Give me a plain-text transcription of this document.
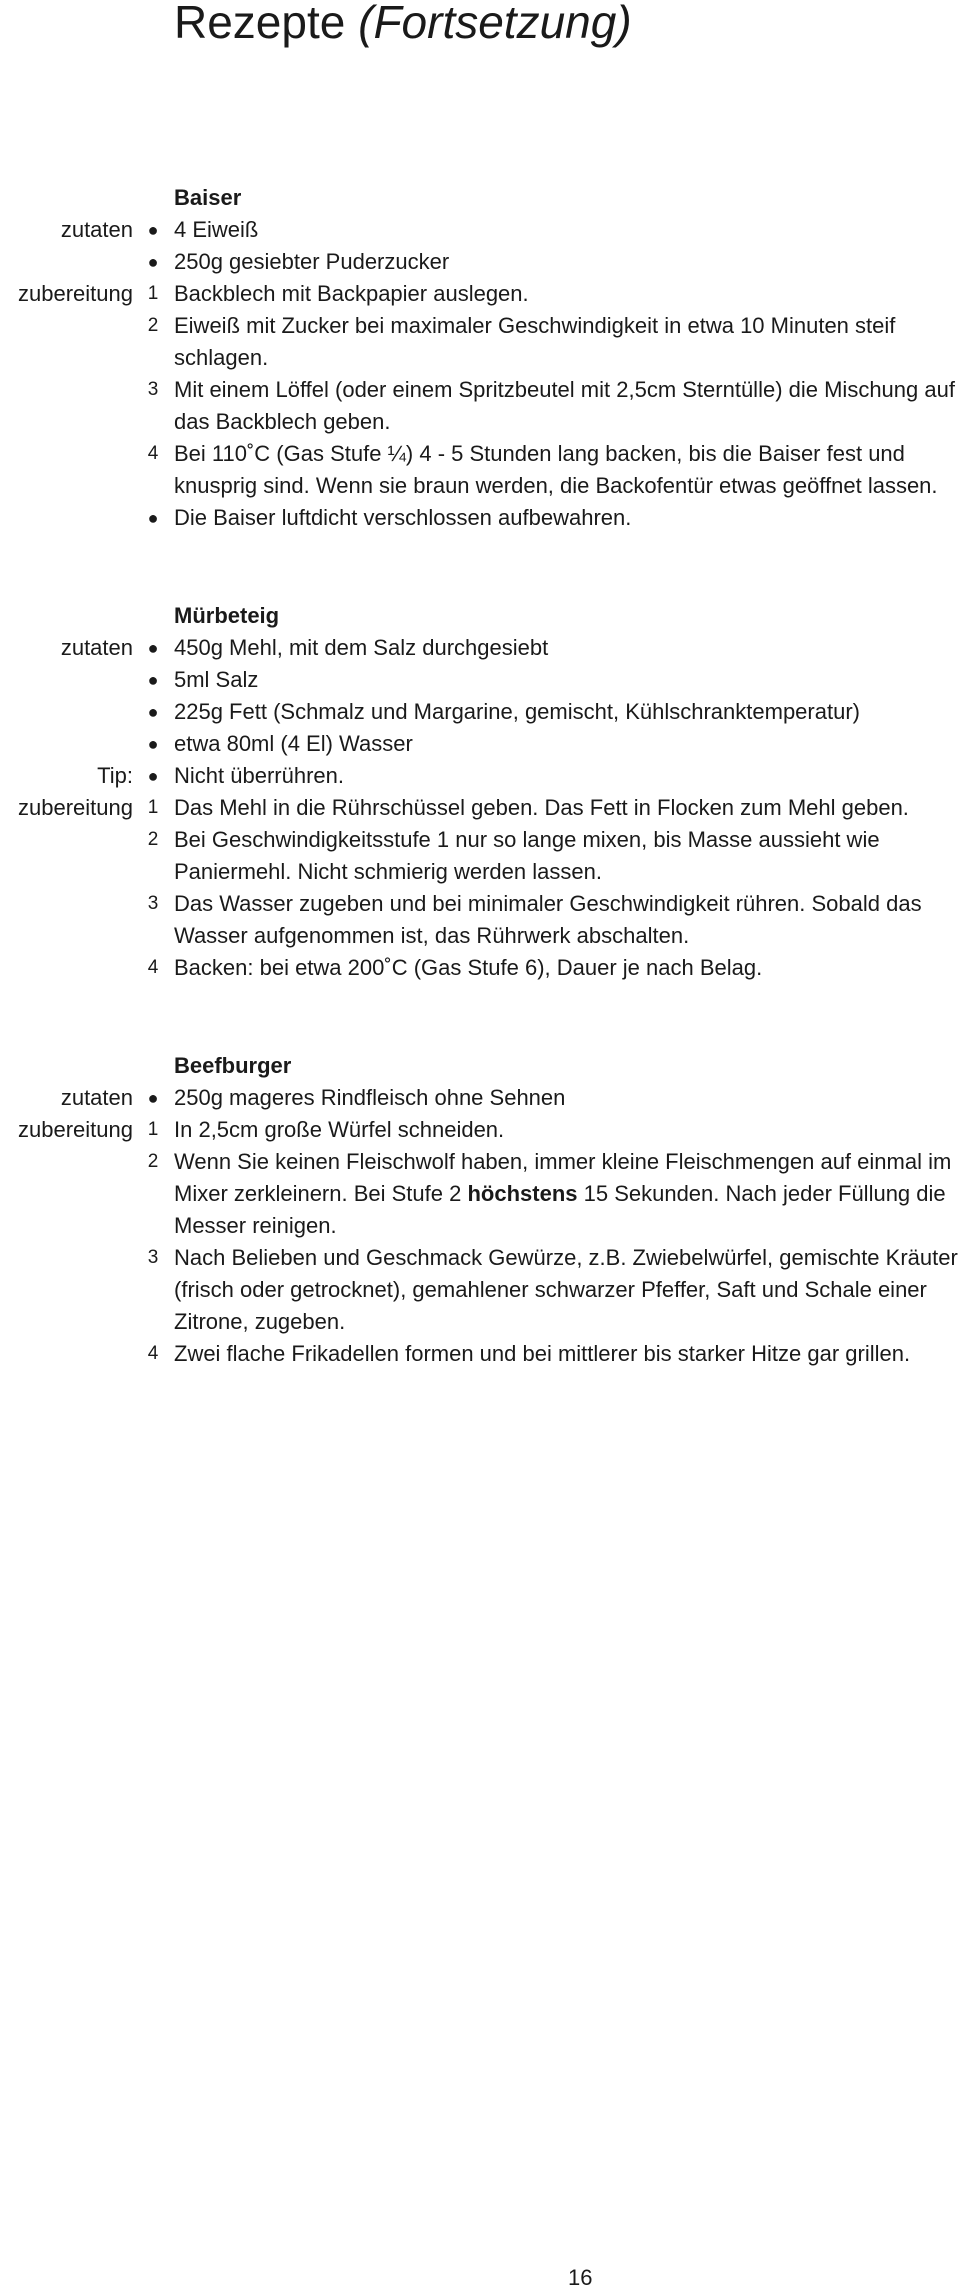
Rezepte (Fortsetzung)
Baiser
zutaten ● 4 Eiweiß
● 250g gesiebter Puderzucker
zubereitung 1 Backblech mit Backpapier auslegen.
2 Eiweiß mit Zucker bei maximaler Geschwindigkeit in etwa 10 Minuten steif schlagen.
3 Mit einem Löffel (oder einem Spritzbeutel mit 2,5cm Sterntülle) die Mischung auf das Backblech geben.
4 Bei 110˚C (Gas Stufe ¼) 4 - 5 Stunden lang backen, bis die Baiser fest und knusprig sind. Wenn sie braun werden, die Backofentür etwas geöffnet lassen.
● Die Baiser luftdicht verschlossen aufbewahren.
Mürbeteig
zutaten ● 450g Mehl, mit dem Salz durchgesiebt
● 5ml Salz
● 225g Fett (Schmalz und Margarine, gemischt, Kühlschranktemperatur)
● etwa 80ml (4 El) Wasser
Tip: ● Nicht überrühren.
zubereitung 1 Das Mehl in die Rührschüssel geben. Das Fett in Flocken zum Mehl geben.
2 Bei Geschwindigkeitsstufe 1 nur so lange mixen, bis Masse aussieht wie Paniermehl. Nicht schmierig werden lassen.
3 Das Wasser zugeben und bei minimaler Geschwindigkeit rühren. Sobald das Wasser aufgenommen ist, das Rührwerk abschalten.
4 Backen: bei etwa 200˚C (Gas Stufe 6), Dauer je nach Belag.
Beefburger
zutaten ● 250g mageres Rindfleisch ohne Sehnen
zubereitung 1 In 2,5cm große Würfel schneiden.
2 Wenn Sie keinen Fleischwolf haben, immer kleine Fleischmengen auf einmal im Mixer zerkleinern. Bei Stufe 2 höchstens 15 Sekunden. Nach jeder Füllung die Messer reinigen.
3 Nach Belieben und Geschmack Gewürze, z.B. Zwiebelwürfel, gemischte Kräuter (frisch oder getrocknet), gemahlener schwarzer Pfeffer, Saft und Schale einer Zitrone, zugeben.
4 Zwei flache Frikadellen formen und bei mittlerer bis starker Hitze gar grillen.
16
